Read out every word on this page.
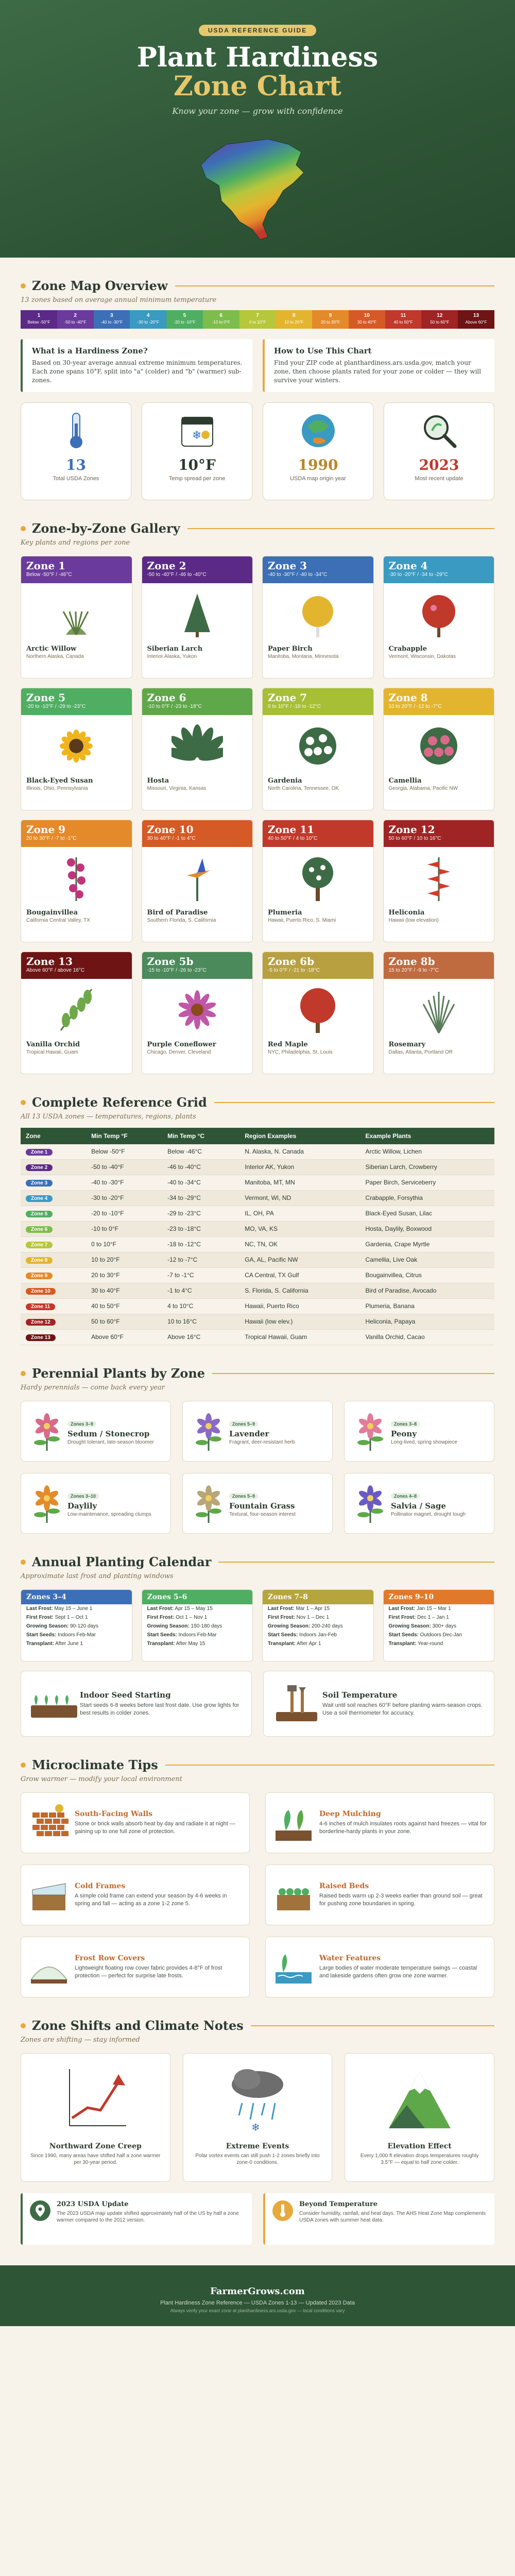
USDA REFERENCE GUIDE
Plant Hardiness
Zone Chart
Know your zone — grow with confidence
Zone Map Overview
13 zones based on average annual minimum temperature
1
Below -50°F
2
-50 to -40°F
3
-40 to -30°F
4
-30 to -20°F
5
-20 to -10°F
6
-10 to 0°F
7
0 to 10°F
8
10 to 20°F
9
20 to 30°F
10
30 to 40°F
11
40 to 50°F
12
50 to 60°F
13
Above 60°F
What is a Hardiness Zone?

Based on 30-year average annual extreme minimum temperatures. Each zone spans 10°F, split into "a" (colder) and "b" (warmer) sub-zones.

How to Use This Chart

Find your ZIP code at planthardiness.ars.usda.gov, match your zone, then choose plants rated for your zone or colder — they will survive your winters.

13
Total USDA Zones
❄
10°F
Temp spread per zone
1990
USDA map origin year
2023
Most recent update
Zone-by-Zone Gallery
Key plants and regions per zone
Zone 1
Below -50°F / -46°C
Arctic Willow
Northern Alaska, Canada
Zone 2
-50 to -40°F / -46 to -40°C
Siberian Larch
Interior Alaska, Yukon
Zone 3
-40 to -30°F / -40 to -34°C
Paper Birch
Manitoba, Montana, Minnesota
Zone 4
-30 to -20°F / -34 to -29°C
Crabapple
Vermont, Wisconsin, Dakotas
Zone 5
-20 to -10°F / -29 to -23°C
Black-Eyed Susan
Illinois, Ohio, Pennsylvania
Zone 6
-10 to 0°F / -23 to -18°C
Hosta
Missouri, Virginia, Kansas
Zone 7
0 to 10°F / -18 to -12°C
Gardenia
North Carolina, Tennessee, OK
Zone 8
10 to 20°F / -12 to -7°C
Camellia
Georgia, Alabama, Pacific NW
Zone 9
20 to 30°F / -7 to -1°C
Bougainvillea
California Central Valley, TX
Zone 10
30 to 40°F / -1 to 4°C
Bird of Paradise
Southern Florida, S. California
Zone 11
40 to 50°F / 4 to 10°C
Plumeria
Hawaii, Puerto Rico, S. Miami
Zone 12
50 to 60°F / 10 to 16°C
Heliconia
Hawaii (low elevation)
Zone 13
Above 60°F / above 16°C
Vanilla Orchid
Tropical Hawaii, Guam
Zone 5b
-15 to -10°F / -26 to -23°C
Purple Coneflower
Chicago, Denver, Cleveland
Zone 6b
-5 to 0°F / -21 to -18°C
Red Maple
NYC, Philadelphia, St. Louis
Zone 8b
15 to 20°F / -9 to -7°C
Rosemary
Dallas, Atlanta, Portland OR
Complete Reference Grid
All 13 USDA zones — temperatures, regions, plants
Zone	Min Temp °F	Min Temp °C	Region Examples	Example Plants
Zone 1	Below -50°F	Below -46°C	N. Alaska, N. Canada	Arctic Willow, Lichen
Zone 2	-50 to -40°F	-46 to -40°C	Interior AK, Yukon	Siberian Larch, Crowberry
Zone 3	-40 to -30°F	-40 to -34°C	Manitoba, MT, MN	Paper Birch, Serviceberry
Zone 4	-30 to -20°F	-34 to -29°C	Vermont, WI, ND	Crabapple, Forsythia
Zone 5	-20 to -10°F	-29 to -23°C	IL, OH, PA	Black-Eyed Susan, Lilac
Zone 6	-10 to 0°F	-23 to -18°C	MO, VA, KS	Hosta, Daylily, Boxwood
Zone 7	0 to 10°F	-18 to -12°C	NC, TN, OK	Gardenia, Crape Myrtle
Zone 8	10 to 20°F	-12 to -7°C	GA, AL, Pacific NW	Camellia, Live Oak
Zone 9	20 to 30°F	-7 to -1°C	CA Central, TX Gulf	Bougainvillea, Citrus
Zone 10	30 to 40°F	-1 to 4°C	S. Florida, S. California	Bird of Paradise, Avocado
Zone 11	40 to 50°F	4 to 10°C	Hawaii, Puerto Rico	Plumeria, Banana
Zone 12	50 to 60°F	10 to 16°C	Hawaii (low elev.)	Heliconia, Papaya
Zone 13	Above 60°F	Above 16°C	Tropical Hawaii, Guam	Vanilla Orchid, Cacao
Perennial Plants by Zone
Hardy perennials — come back every year
Zones 3–9
Sedum / Stonecrop
Drought tolerant, late-season bloomer
Zones 5–9
Lavender
Fragrant, deer-resistant herb
Zones 3–8
Peony
Long-lived, spring showpiece
Zones 3–10
Daylily
Low-maintenance, spreading clumps
Zones 5–9
Fountain Grass
Textural, four-season interest
Zones 4–8
Salvia / Sage
Pollinator magnet, drought tough
Annual Planting Calendar
Approximate last frost and planting windows
Zones 3–4

Last Frost: May 15 – June 1

First Frost: Sept 1 – Oct 1

Growing Season: 90-120 days

Start Seeds: Indoors Feb-Mar

Transplant: After June 1

Zones 5–6

Last Frost: Apr 15 – May 15

First Frost: Oct 1 – Nov 1

Growing Season: 150-180 days

Start Seeds: Indoors Feb-Mar

Transplant: After May 15

Zones 7–8

Last Frost: Mar 1 – Apr 15

First Frost: Nov 1 – Dec 1

Growing Season: 200-240 days

Start Seeds: Indoors Jan-Feb

Transplant: After Apr 1

Zones 9–10

Last Frost: Jan 15 – Mar 1

First Frost: Dec 1 – Jan 1

Growing Season: 300+ days

Start Seeds: Outdoors Dec-Jan

Transplant: Year-round

Indoor Seed Starting

Start seeds 6-8 weeks before last frost date. Use grow lights for best results in colder zones.

Soil Temperature

Wait until soil reaches 60°F before planting warm-season crops. Use a soil thermometer for accuracy.

Microclimate Tips
Grow warmer — modify your local environment
South-Facing Walls

Stone or brick walls absorb heat by day and radiate it at night — gaining up to one full zone of protection.

Deep Mulching

4-6 inches of mulch insulates roots against hard freezes — vital for borderline-hardy plants in your zone.

Cold Frames

A simple cold frame can extend your season by 4-6 weeks in spring and fall — acting as a zone 1-2 zone 5.

Raised Beds

Raised beds warm up 2-3 weeks earlier than ground soil — great for pushing zone boundaries in spring.

Frost Row Covers

Lightweight floating row cover fabric provides 4-8°F of frost protection — perfect for surprise late frosts.

Water Features

Large bodies of water moderate temperature swings — coastal and lakeside gardens often grow one zone warmer.

Zone Shifts and Climate Notes
Zones are shifting — stay informed
Northward Zone Creep

Since 1990, many areas have shifted half a zone warmer per 30-year period.

❄
Extreme Events

Polar vortex events can still push 1-2 zones briefly into zone-0 conditions.

Elevation Effect

Every 1,000 ft elevation drops temperatures roughly 3.5°F — equal to half zone colder.

2023 USDA Update

The 2023 USDA map update shifted approximately half of the US by half a zone warmer compared to the 2012 version.

Beyond Temperature

Consider humidity, rainfall, and heat days. The AHS Heat Zone Map complements USDA zones with summer heat data.

FarmerGrows.com
Plant Hardiness Zone Reference — USDA Zones 1-13 — Updated 2023 Data
Always verify your exact zone at planthardiness.ars.usda.gov — local conditions vary
